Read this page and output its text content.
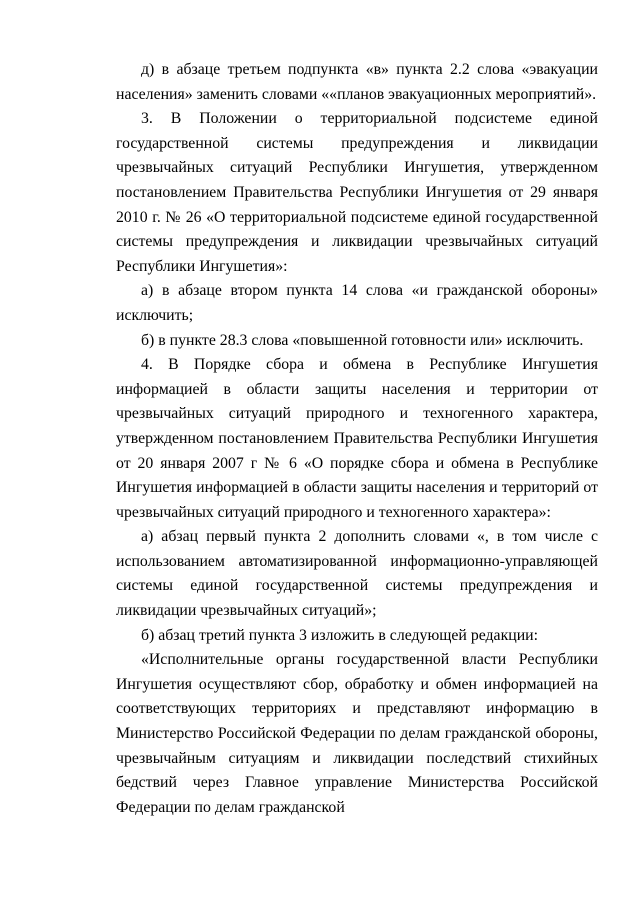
д) в абзаце третьем подпункта «в» пункта 2.2 слова «эвакуации населения» заменить словами ««планов эвакуационных мероприятий».

3. В Положении о территориальной подсистеме единой государственной системы предупреждения и ликвидации чрезвычайных ситуаций Республики Ингушетия, утвержденном постановлением Правительства Республики Ингушетия от 29 января 2010 г. № 26 «О территориальной подсистеме единой государственной системы предупреждения и ликвидации чрезвычайных ситуаций Республики Ингушетия»:

а) в абзаце втором пункта 14 слова «и гражданской обороны» исключить;

б) в пункте 28.3 слова «повышенной готовности или» исключить.

4. В Порядке сбора и обмена в Республике Ингушетия информацией в области защиты населения и территории от чрезвычайных ситуаций природного и техногенного характера, утвержденном постановлением Правительства Республики Ингушетия от 20 января 2007 г № 6 «О порядке сбора и обмена в Республике Ингушетия информацией в области защиты населения и территорий от чрезвычайных ситуаций природного и техногенного характера»:

а) абзац первый пункта 2 дополнить словами «, в том числе с использованием автоматизированной информационно-управляющей системы единой государственной системы предупреждения и ликвидации чрезвычайных ситуаций»;

б) абзац третий пункта 3 изложить в следующей редакции:

«Исполнительные органы государственной власти Республики Ингушетия осуществляют сбор, обработку и обмен информацией на соответствующих территориях и представляют информацию в Министерство Российской Федерации по делам гражданской обороны, чрезвычайным ситуациям и ликвидации последствий стихийных бедствий через Главное управление Министерства Российской Федерации по делам гражданской
